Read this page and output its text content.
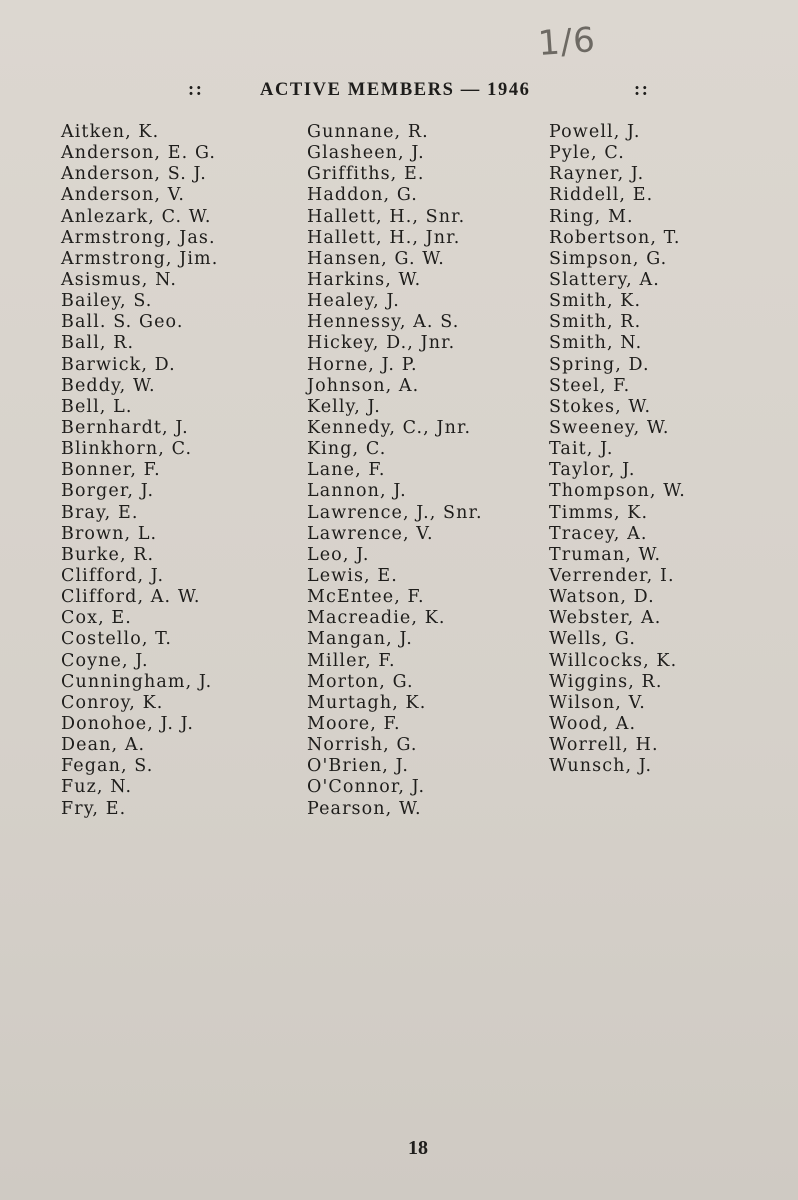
1/6
::	ACTIVE MEMBERS — 1946	::
Aitken, K.
Anderson, E. G.
Anderson, S. J.
Anderson, V.
Anlezark, C. W.
Armstrong, Jas.
Armstrong, Jim.
Asismus, N.
Bailey, S.
Ball. S. Geo.
Ball, R.
Barwick, D.
Beddy, W.
Bell, L.
Bernhardt, J.
Blinkhorn, C.
Bonner, F.
Borger, J.
Bray, E.
Brown, L.
Burke, R.
Clifford, J.
Clifford, A. W.
Cox, E.
Costello, T.
Coyne, J.
Cunningham, J.
Conroy, K.
Donohoe, J. J.
Dean, A.
Fegan, S.
Fuz, N.
Fry, E.
Gunnane, R.
Glasheen, J.
Griffiths, E.
Haddon, G.
Hallett, H., Snr.
Hallett, H., Jnr.
Hansen, G. W.
Harkins, W.
Healey, J.
Hennessy, A. S.
Hickey, D., Jnr.
Horne, J. P.
Johnson, A.
Kelly, J.
Kennedy, C., Jnr.
King, C.
Lane, F.
Lannon, J.
Lawrence, J., Snr.
Lawrence, V.
Leo, J.
Lewis, E.
McEntee, F.
Macreadie, K.
Mangan, J.
Miller, F.
Morton, G.
Murtagh, K.
Moore, F.
Norrish, G.
O'Brien, J.
O'Connor, J.
Pearson, W.
Powell, J.
Pyle, C.
Rayner, J.
Riddell, E.
Ring, M.
Robertson, T.
Simpson, G.
Slattery, A.
Smith, K.
Smith, R.
Smith, N.
Spring, D.
Steel, F.
Stokes, W.
Sweeney, W.
Tait, J.
Taylor, J.
Thompson, W.
Timms, K.
Tracey, A.
Truman, W.
Verrender, I.
Watson, D.
Webster, A.
Wells, G.
Willcocks, K.
Wiggins, R.
Wilson, V.
Wood, A.
Worrell, H.
Wunsch, J.
18
